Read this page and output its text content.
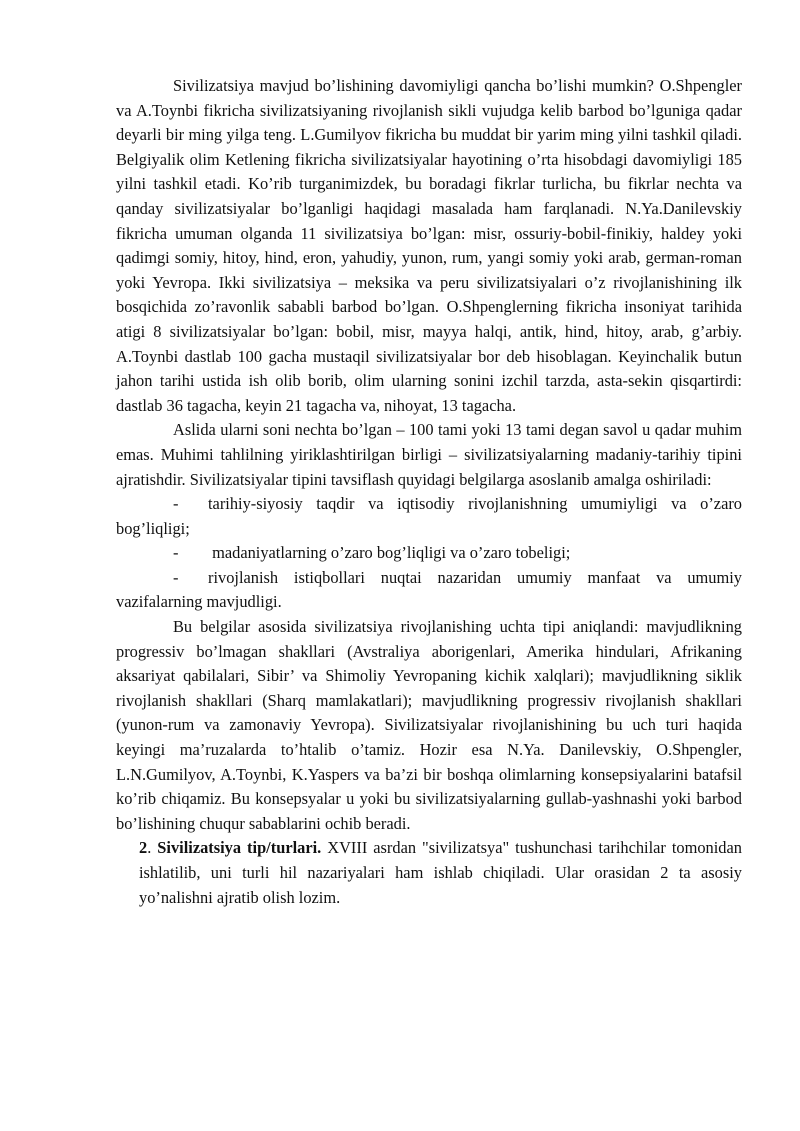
Sivilizatsiya mavjud bo’lishining davomiyligi qancha bo’lishi mumkin? O.Shpengler va A.Toynbi fikricha sivilizatsiyaning rivojlanish sikli vujudga kelib barbod bo’lguniga qadar deyarli bir ming yilga teng. L.Gumilyov fikricha bu muddat bir yarim ming yilni tashkil qiladi. Belgiyalik olim Ketlening fikricha sivilizatsiyalar hayotining o’rta hisobdagi davomiyligi 185 yilni tashkil etadi. Ko’rib turganimizdek, bu boradagi fikrlar turlicha, bu fikrlar nechta va qanday sivilizatsiyalar bo’lganligi haqidagi masalada ham farqlanadi. N.Ya.Danilevskiy fikricha umuman olganda 11 sivilizatsiya bo’lgan: misr, ossuriy-bobil-finikiy, haldey yoki qadimgi somiy, hitoy, hind, eron, yahudiy, yunon, rum, yangi somiy yoki arab, german-roman yoki Yevropa. Ikki sivilizatsiya – meksika va peru sivilizatsiyalari o’z rivojlanishining ilk bosqichida zo’ravonlik sababli barbod bo’lgan. O.Shpenglerning fikricha insoniyat tarihida atigi 8 sivilizatsiyalar bo’lgan: bobil, misr, mayya halqi, antik, hind, hitoy, arab, g’arbiy. A.Toynbi dastlab 100 gacha mustaqil sivilizatsiyalar bor deb hisoblagan. Keyinchalik butun jahon tarihi ustida ish olib borib, olim ularning sonini izchil tarzda, asta-sekin qisqartirdi: dastlab 36 tagacha, keyin 21 tagacha va, nihoyat, 13 tagacha.

Aslida ularni soni nechta bo’lgan – 100 tami yoki 13 tami degan savol u qadar muhim emas. Muhimi tahlilning yiriklashtirilgan birligi – sivilizatsiyalarning madaniy-tarihiy tipini ajratishdir. Sivilizatsiyalar tipini tavsiflash quyidagi belgilarga asoslanib amalga oshiriladi:

- tarihiy-siyosiy taqdir va iqtisodiy rivojlanishning umumiyligi va o’zaro bog’liqligi;

- madaniyatlarning o’zaro bog’liqligi va o’zaro tobeligi;

- rivojlanish istiqbollari nuqtai nazaridan umumiy manfaat va umumiy vazifalarning mavjudligi.

Bu belgilar asosida sivilizatsiya rivojlanishing uchta tipi aniqlandi: mavjudlikning progressiv bo’lmagan shakllari (Avstraliya aborigenlari, Amerika hindulari, Afrikaning aksariyat qabilalari, Sibir’ va Shimoliy Yevropaning kichik xalqlari); mavjudlikning siklik rivojlanish shakllari (Sharq mamlakatlari); mavjudlikning progressiv rivojlanish shakllari (yunon-rum va zamonaviy Yevropa). Sivilizatsiyalar rivojlanishining bu uch turi haqida keyingi ma’ruzalarda to’htalib o’tamiz. Hozir esa N.Ya. Danilevskiy, O.Shpengler, L.N.Gumilyov, A.Toynbi, K.Yaspers va ba’zi bir boshqa olimlarning konsepsiyalarini batafsil ko’rib chiqamiz. Bu konsepsyalar u yoki bu sivilizatsiyalarning gullab-yashnashi yoki barbod bo’lishining chuqur sabablarini ochib beradi.

2. Sivilizatsiya tip/turlari. XVIII asrdan "sivilizatsya" tushunchasi tarihchilar tomonidan ishlatilib, uni turli hil nazariyalari ham ishlab chiqiladi. Ular orasidan 2 ta asosiy yo’nalishni ajratib olish lozim.
